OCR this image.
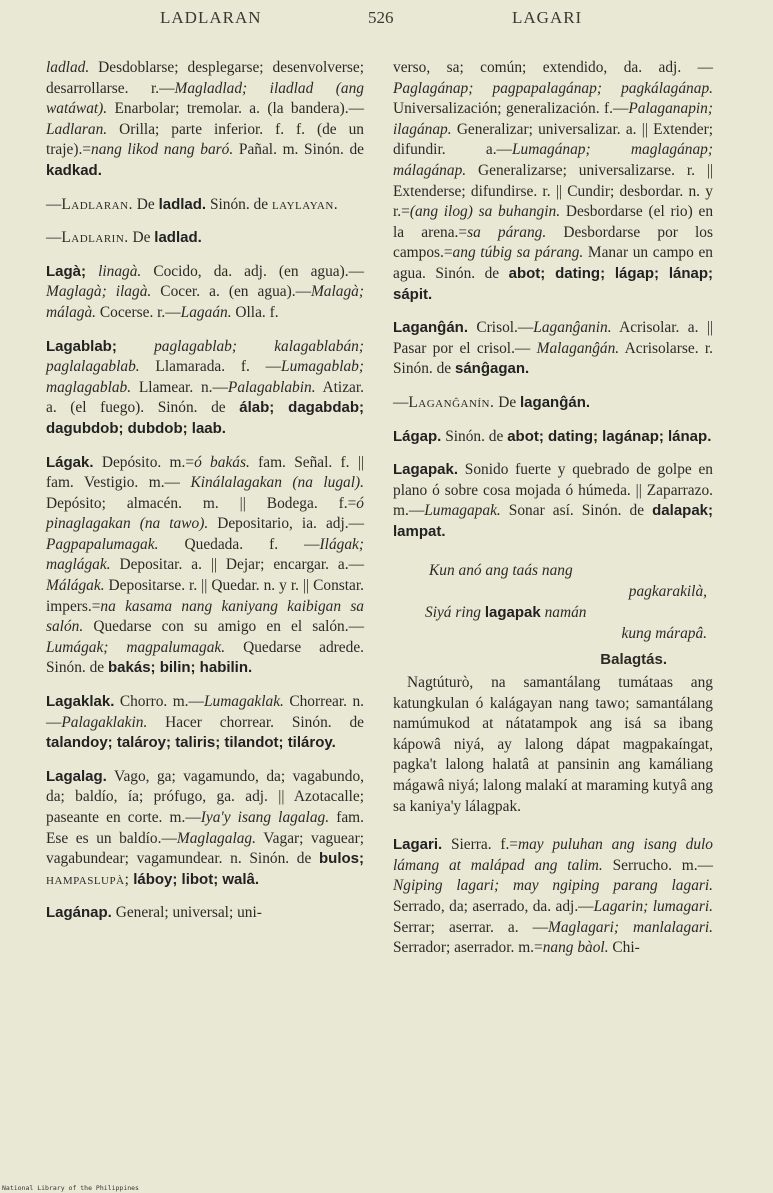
LADLARAN	526	LAGARI
ladlad. Desdoblarse; desplegarse; desenvolverse; desarrollarse. r.—Magladlad; iladlad (ang watáwat). Enarbolar; tremolar. a. (la bandera).— Ladlaran. Orilla; parte inferior. f. f. (de un traje).=nang likod nang baró. Pañal. m. Sinón. de kadkad.
—Ladlaran. De ladlad. Sinón. de laylayan.
—Ladlarin. De ladlad.
Lagà; linagà. Cocido, da. adj. (en agua).—Maglagà; ilagà. Cocer. a. (en agua).—Malagà; málagà. Cocerse. r.—Lagaán. Olla. f.
Lagablab; paglagablab; kalagablabán; paglalagablab. Llamarada. f. —Lumagablab; maglagablab. Llamear. n.—Palagablabin. Atizar. a. (el fuego). Sinón. de álab; dagabdab; dagubdob; dubdob; laab.
Lágak. Depósito. m.=ó bakás. fam. Señal. f. || fam. Vestigio. m.— Kinálalagakan (na lugal). Depósito; almacén. m. || Bodega. f.=ó pinaglagakan (na tawo). Depositario, ia. adj.—Pagpapalumagak. Quedada. f. —Ilágak; maglágak. Depositar. a. || Dejar; encargar. a.—Málágak. Depositarse. r. || Quedar. n. y r. || Constar. impers.=na kasama nang kaniyang kaibigan sa salón. Quedarse con su amigo en el salón.—Lumágak; magpalumagak. Quedarse adrede. Sinón. de bakás; bilin; habilin.
Lagaklak. Chorro. m.—Lumagaklak. Chorrear. n.—Palagaklakin. Hacer chorrear. Sinón. de talandoy; talároy; taliris; tilandot; tilároy.
Lagalag. Vago, ga; vagamundo, da; vagabundo, da; baldío, ía; prófugo, ga. adj. || Azotacalle; paseante en corte. m.—Iya'y isang lagalag. fam. Ese es un baldío.—Maglagalag. Vagar; vaguear; vagabundear; vagamundear. n. Sinón. de bulos; hampaslupà; láboy; libot; walâ.
Lagánap. General; universal; uni-
verso, sa; común; extendido, da. adj. —Paglagánap; pagpapalagánap; pagkálagánap. Universalización; generalización. f.—Palaganapin; ilagánap. Generalizar; universalizar. a. || Extender; difundir. a.—Lumagánap; maglagánap; málagánap. Generalizarse; universalizarse. r. || Extenderse; difundirse. r. || Cundir; desbordar. n. y r.=(ang ilog) sa buhangin. Desbordarse (el rio) en la arena.=sa párang. Desbordarse por los campos.=ang túbig sa párang. Manar un campo en agua. Sinón. de abot; dating; lágap; lánap; sápit.
Laganĝán. Crisol.—Laganĝanin. Acrisolar. a. || Pasar por el crisol.— Malaganĝán. Acrisolarse. r. Sinón. de sánĝagan.
—Laganĝanín. De laganĝán.
Lágap. Sinón. de abot; dating; lagánap; lánap.
Lagapak. Sonido fuerte y quebrado de golpe en plano ó sobre cosa mojada ó húmeda. || Zaparrazo. m.—Lumagapak. Sonar así. Sinón. de dalapak; lampat.
Kun anó ang taás nang
pagkarakilà,
Siyá ring lagapak namán
kung márapâ.
Balagtás.
Nagtúturò, na samantálang tumátaas ang katungkulan ó kalágayan nang tawo; samantálang namúmukod at nátatampok ang isá sa ibang kápowâ niyá, ay lalong dápat magpakaíngat, pagka't lalong halatâ at pansinin ang kamáliang mágawâ niyá; lalong malakí at maraming kutyâ ang sa kaniya'y lálagpak.
Lagari. Sierra. f.=may puluhan ang isang dulo lámang at malápad ang talim. Serrucho. m.—Ngiping lagari; may ngiping parang lagari. Serrado, da; aserrado, da. adj.—Lagarin; lumagari. Serrar; aserrar. a. —Maglagari; manlalagari. Serrador; aserrador. m.=nang bàol. Chi-
National Library of the Philippines
